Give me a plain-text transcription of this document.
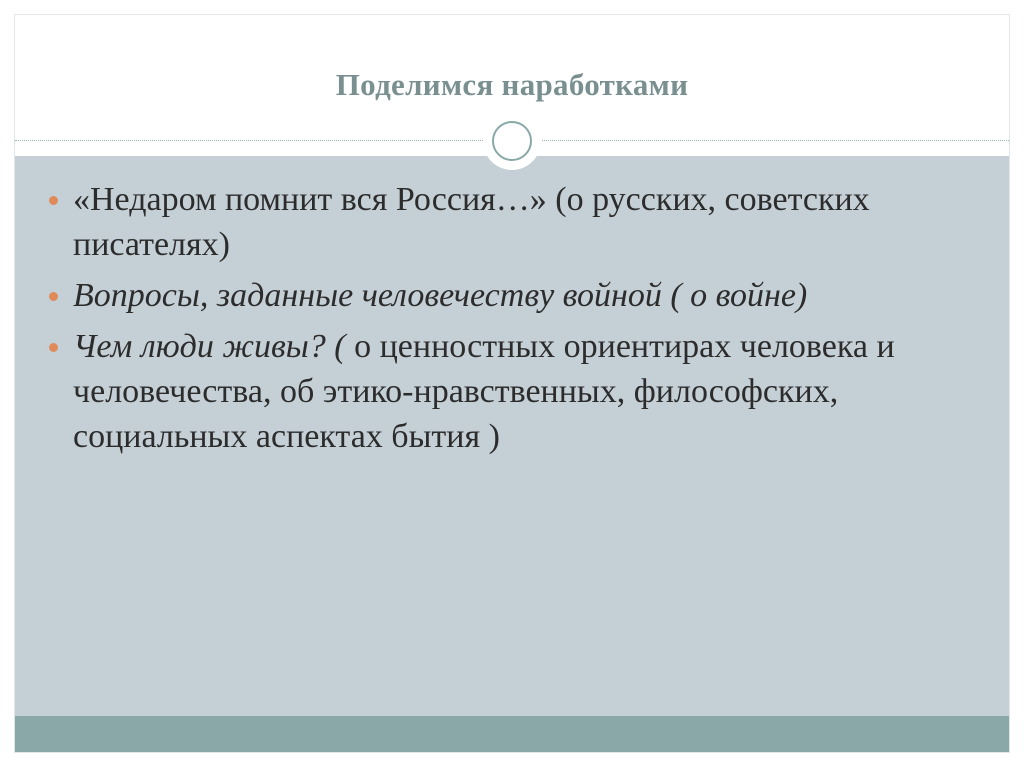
Поделимся наработками
«Недаром помнит вся Россия…» (о русских, советских писателях)
Вопросы, заданные человечеству войной ( о войне)
Чем люди живы? ( о ценностных ориентирах человека и человечества, об этико-нравственных, философских, социальных аспектах бытия )
